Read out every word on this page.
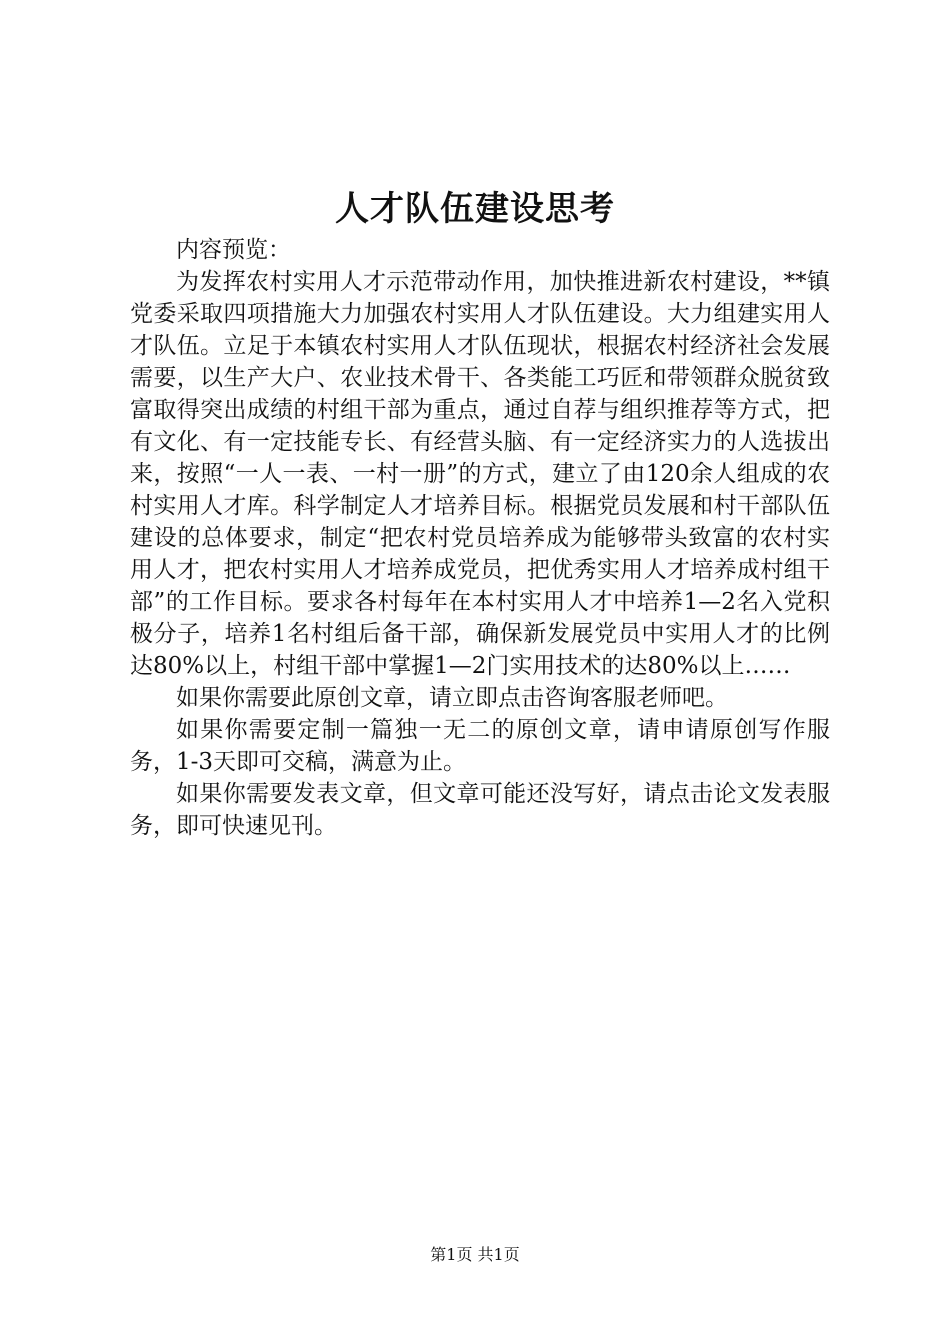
人才队伍建设思考

内容预览：

为发挥农村实用人才示范带动作用，加快推进新农村建设，**镇党委采取四项措施大力加强农村实用人才队伍建设。大力组建实用人才队伍。立足于本镇农村实用人才队伍现状，根据农村经济社会发展需要，以生产大户、农业技术骨干、各类能工巧匠和带领群众脱贫致富取得突出成绩的村组干部为重点，通过自荐与组织推荐等方式，把有文化、有一定技能专长、有经营头脑、有一定经济实力的人选拔出来，按照“一人一表、一村一册”的方式，建立了由120余人组成的农村实用人才库。科学制定人才培养目标。根据党员发展和村干部队伍建设的总体要求，制定“把农村党员培养成为能够带头致富的农村实用人才，把农村实用人才培养成党员，把优秀实用人才培养成村组干部”的工作目标。要求各村每年在本村实用人才中培养1—2名入党积极分子，培养1名村组后备干部，确保新发展党员中实用人才的比例达80%以上，村组干部中掌握1—2门实用技术的达80%以上……

如果你需要此原创文章，请立即点击咨询客服老师吧。

如果你需要定制一篇独一无二的原创文章，请申请原创写作服务，1-3天即可交稿，满意为止。

如果你需要发表文章，但文章可能还没写好，请点击论文发表服务，即可快速见刊。

第1页 共1页
